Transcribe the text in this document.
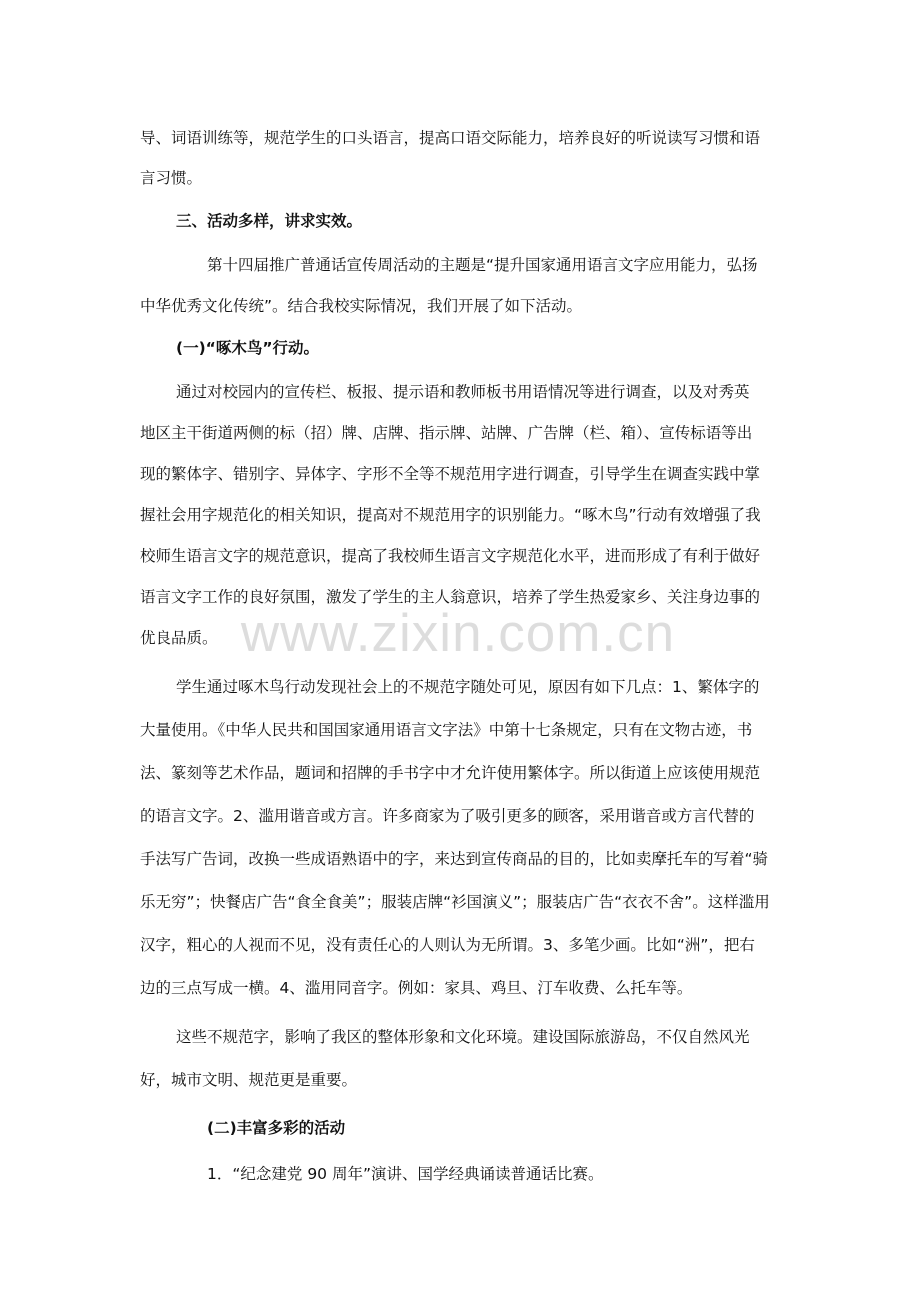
www.zixin.com.cn
导、词语训练等，规范学生的口头语言，提高口语交际能力，培养良好的听说读写习惯和语
言习惯。
三、活动多样，讲求实效。
第十四届推广普通话宣传周活动的主题是“提升国家通用语言文字应用能力，弘扬
中华优秀文化传统”。结合我校实际情况，我们开展了如下活动。
(一)“啄木鸟”行动。
通过对校园内的宣传栏、板报、提示语和教师板书用语情况等进行调查，以及对秀英
地区主干街道两侧的标（招）牌、店牌、指示牌、站牌、广告牌（栏、箱）、宣传标语等出
现的繁体字、错别字、异体字、字形不全等不规范用字进行调查，引导学生在调查实践中掌
握社会用字规范化的相关知识，提高对不规范用字的识别能力。“啄木鸟”行动有效增强了我
校师生语言文字的规范意识，提高了我校师生语言文字规范化水平，进而形成了有利于做好
语言文字工作的良好氛围，激发了学生的主人翁意识，培养了学生热爱家乡、关注身边事的
优良品质。
学生通过啄木鸟行动发现社会上的不规范字随处可见，原因有如下几点：1、繁体字的
大量使用。《中华人民共和国国家通用语言文字法》中第十七条规定，只有在文物古迹，书
法、篆刻等艺术作品，题词和招牌的手书字中才允许使用繁体字。所以街道上应该使用规范
的语言文字。2、滥用谐音或方言。许多商家为了吸引更多的顾客，采用谐音或方言代替的
手法写广告词，改换一些成语熟语中的字，来达到宣传商品的目的，比如卖摩托车的写着“骑
乐无穷”；快餐店广告“食全食美”；服装店牌“衫国演义”；服装店广告“衣衣不舍”。这样滥用
汉字，粗心的人视而不见，没有责任心的人则认为无所谓。3、多笔少画。比如“洲”，把右
边的三点写成一横。4、滥用同音字。例如：家具、鸡旦、汀车收费、么托车等。
这些不规范字，影响了我区的整体形象和文化环境。建设国际旅游岛，不仅自然风光
好，城市文明、规范更是重要。
(二)丰富多彩的活动
1．“纪念建党 90 周年”演讲、国学经典诵读普通话比赛。
